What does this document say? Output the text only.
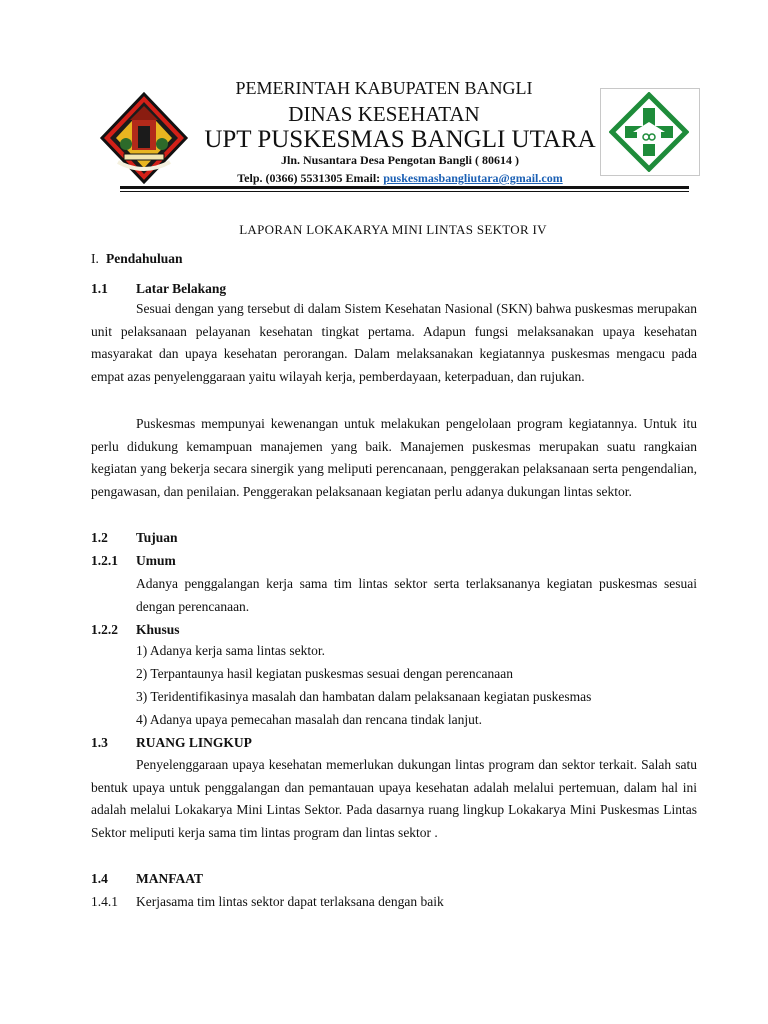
PEMERINTAH KABUPATEN BANGLI
DINAS KESEHATAN
UPT PUSKESMAS BANGLI UTARA
Jln. Nusantara Desa Pengotan Bangli ( 80614 )
Telp. (0366) 5531305 Email: puskesmasbangliutara@gmail.com
LAPORAN LOKAKARYA MINI LINTAS SEKTOR IV
I. Pendahuluan
1.1 Latar Belakang
Sesuai dengan yang tersebut di dalam Sistem Kesehatan Nasional (SKN) bahwa puskesmas merupakan unit pelaksanaan pelayanan kesehatan tingkat pertama. Adapun fungsi melaksanakan upaya kesehatan masyarakat dan upaya kesehatan perorangan. Dalam melaksanakan kegiatannya puskesmas mengacu pada empat azas penyelenggaraan yaitu wilayah kerja, pemberdayaan, keterpaduan, dan rujukan.
Puskesmas mempunyai kewenangan untuk melakukan pengelolaan program kegiatannya. Untuk itu perlu didukung kemampuan manajemen yang baik. Manajemen puskesmas merupakan suatu rangkaian kegiatan yang bekerja secara sinergik yang meliputi perencanaan, penggerakan pelaksanaan serta pengendalian, pengawasan, dan penilaian. Penggerakan pelaksanaan kegiatan perlu adanya dukungan lintas sektor.
1.2 Tujuan
1.2.1 Umum
Adanya penggalangan kerja sama tim lintas sektor serta terlaksananya kegiatan puskesmas sesuai dengan perencanaan.
1.2.2 Khusus
1) Adanya kerja sama lintas sektor.
2) Terpantaunya hasil kegiatan puskesmas sesuai dengan perencanaan
3) Teridentifikasinya masalah dan hambatan dalam pelaksanaan kegiatan puskesmas
4) Adanya upaya pemecahan masalah dan rencana tindak lanjut.
1.3 RUANG LINGKUP
Penyelenggaraan upaya kesehatan memerlukan dukungan lintas program dan sektor terkait. Salah satu bentuk upaya untuk penggalangan dan pemantauan upaya kesehatan adalah melalui pertemuan, dalam hal ini adalah melalui Lokakarya Mini Lintas Sektor. Pada dasarnya ruang lingkup Lokakarya Mini Puskesmas Lintas Sektor meliputi kerja sama tim lintas program dan lintas sektor .
1.4 MANFAAT
1.4.1 Kerjasama tim lintas sektor dapat terlaksana dengan baik
